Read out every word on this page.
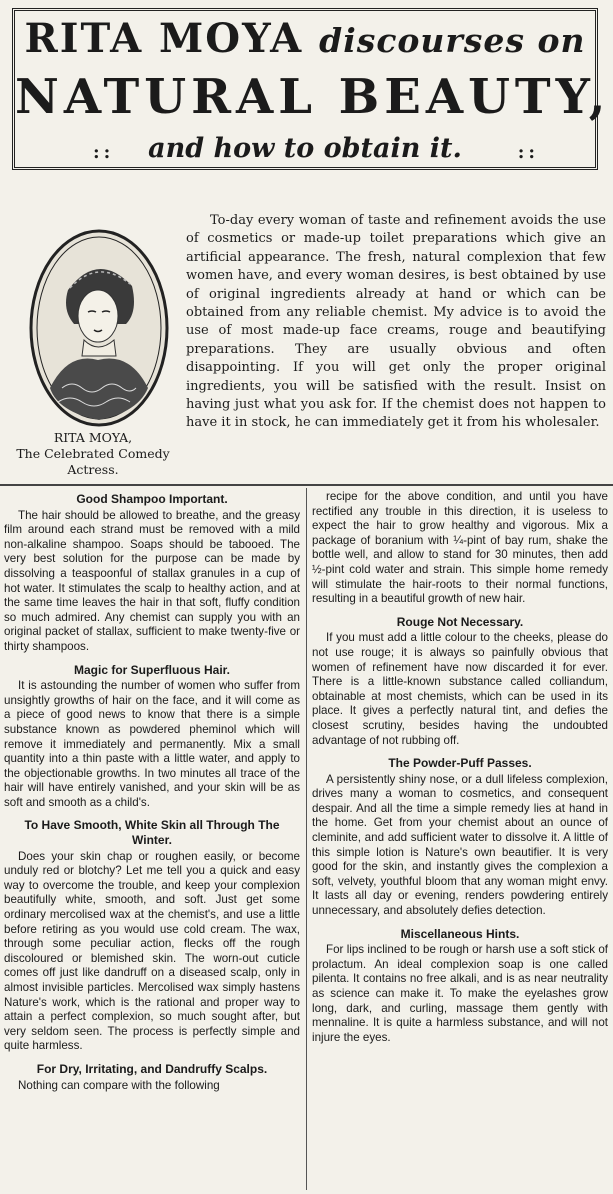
RITA MOYA discourses on
NATURAL BEAUTY,
::	and how to obtain it.	::
RITA MOYA,
The Celebrated Comedy
Actress.

To-day every woman of taste and refinement avoids the use of cosmetics or made-up toilet preparations which give an artificial appearance. The fresh, natural complexion that few women have, and every woman desires, is best obtained by use of original ingredients already at hand or which can be obtained from any reliable chemist. My advice is to avoid the use of most made-up face creams, rouge and beautifying preparations. They are usually obvious and often disappointing. If you will get only the proper original ingredients, you will be satisfied with the result. Insist on having just what you ask for. If the chemist does not happen to have it in stock, he can immediately get it from his wholesaler.

Good Shampoo Important.

The hair should be allowed to breathe, and the greasy film around each strand must be removed with a mild non-alkaline shampoo. Soaps should be tabooed. The very best solution for the purpose can be made by dissolving a teaspoonful of stallax granules in a cup of hot water. It stimulates the scalp to healthy action, and at the same time leaves the hair in that soft, fluffy condition so much admired. Any chemist can supply you with an original packet of stallax, sufficient to make twenty-five or thirty shampoos.

Magic for Superfluous Hair.

It is astounding the number of women who suffer from unsightly growths of hair on the face, and it will come as a piece of good news to know that there is a simple substance known as powdered pheminol which will remove it immediately and permanently. Mix a small quantity into a thin paste with a little water, and apply to the objectionable growths. In two minutes all trace of the hair will have entirely vanished, and your skin will be as soft and smooth as a child's.

To Have Smooth, White Skin all Through The Winter.

Does your skin chap or roughen easily, or become unduly red or blotchy? Let me tell you a quick and easy way to overcome the trouble, and keep your complexion beautifully white, smooth, and soft. Just get some ordinary mercolised wax at the chemist's, and use a little before retiring as you would use cold cream. The wax, through some peculiar action, flecks off the rough discoloured or blemished skin. The worn-out cuticle comes off just like dandruff on a diseased scalp, only in almost invisible particles. Mercolised wax simply hastens Nature's work, which is the rational and proper way to attain a perfect complexion, so much sought after, but very seldom seen. The process is perfectly simple and quite harmless.

For Dry, Irritating, and Dandruffy Scalps.

Nothing can compare with the following

recipe for the above condition, and until you have rectified any trouble in this direction, it is useless to expect the hair to grow healthy and vigorous. Mix a package of boranium with ¼-pint of bay rum, shake the bottle well, and allow to stand for 30 minutes, then add ½-pint cold water and strain. This simple home remedy will stimulate the hair-roots to their normal functions, resulting in a beautiful growth of new hair.

Rouge Not Necessary.

If you must add a little colour to the cheeks, please do not use rouge; it is always so painfully obvious that women of refinement have now discarded it for ever. There is a little-known substance called colliandum, obtainable at most chemists, which can be used in its place. It gives a perfectly natural tint, and defies the closest scrutiny, besides having the undoubted advantage of not rubbing off.

The Powder-Puff Passes.

A persistently shiny nose, or a dull lifeless complexion, drives many a woman to cosmetics, and consequent despair. And all the time a simple remedy lies at hand in the home. Get from your chemist about an ounce of cleminite, and add sufficient water to dissolve it. A little of this simple lotion is Nature's own beautifier. It is very good for the skin, and instantly gives the complexion a soft, velvety, youthful bloom that any woman might envy. It lasts all day or evening, renders powdering entirely unnecessary, and absolutely defies detection.

Miscellaneous Hints.

For lips inclined to be rough or harsh use a soft stick of prolactum. An ideal complexion soap is one called pilenta. It contains no free alkali, and is as near neutrality as science can make it. To make the eyelashes grow long, dark, and curling, massage them gently with mennaline. It is quite a harmless substance, and will not injure the eyes.
